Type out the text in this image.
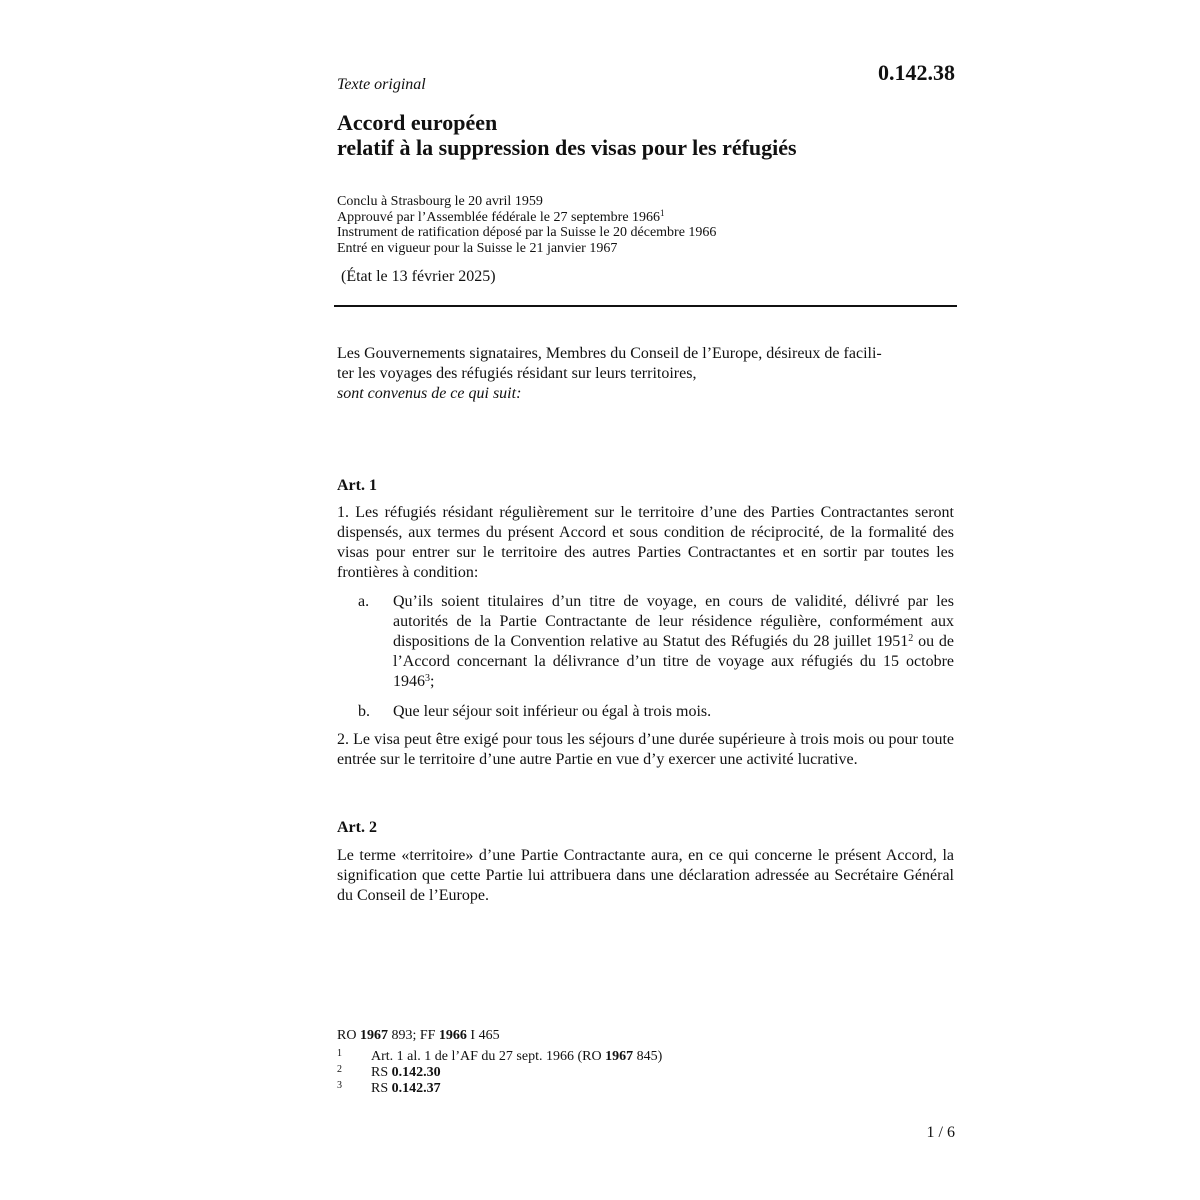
Texte original	0.142.38
Accord européen
relatif à la suppression des visas pour les réfugiés
Conclu à Strasbourg le 20 avril 1959
Approuvé par l’Assemblée fédérale le 27 septembre 1966$^1$
Instrument de ratification déposé par la Suisse le 20 décembre 1966
Entré en vigueur pour la Suisse le 21 janvier 1967
(État le 13 février 2025)
Les Gouvernements signataires, Membres du Conseil de l’Europe, désireux de facili-
ter les voyages des réfugiés résidant sur leurs territoires,
sont convenus de ce qui suit:
Art. 1
1. Les réfugiés résidant régulièrement sur le territoire d’une des Parties Contractantes seront dispensés, aux termes du présent Accord et sous condition de réciprocité, de la formalité des visas pour entrer sur le territoire des autres Parties Contractantes et en sortir par toutes les frontières à condition:
a. Qu’ils soient titulaires d’un titre de voyage, en cours de validité, délivré par les autorités de la Partie Contractante de leur résidence régulière, conformément aux dispositions de la Convention relative au Statut des Réfugiés du 28 juillet 1951$^2$ ou de l’Accord concernant la délivrance d’un titre de voyage aux réfugiés du 15 octobre 1946$^3$;
b. Que leur séjour soit inférieur ou égal à trois mois.
2. Le visa peut être exigé pour tous les séjours d’une durée supérieure à trois mois ou pour toute entrée sur le territoire d’une autre Partie en vue d’y exercer une activité lucrative.
Art. 2
Le terme «territoire» d’une Partie Contractante aura, en ce qui concerne le présent Accord, la signification que cette Partie lui attribuera dans une déclaration adressée au Secrétaire Général du Conseil de l’Europe.
RO 1967 893; FF 1966 I 465
1 Art. 1 al. 1 de l’AF du 27 sept. 1966 (RO 1967 845)
2 RS 0.142.30
3 RS 0.142.37
1 / 6
